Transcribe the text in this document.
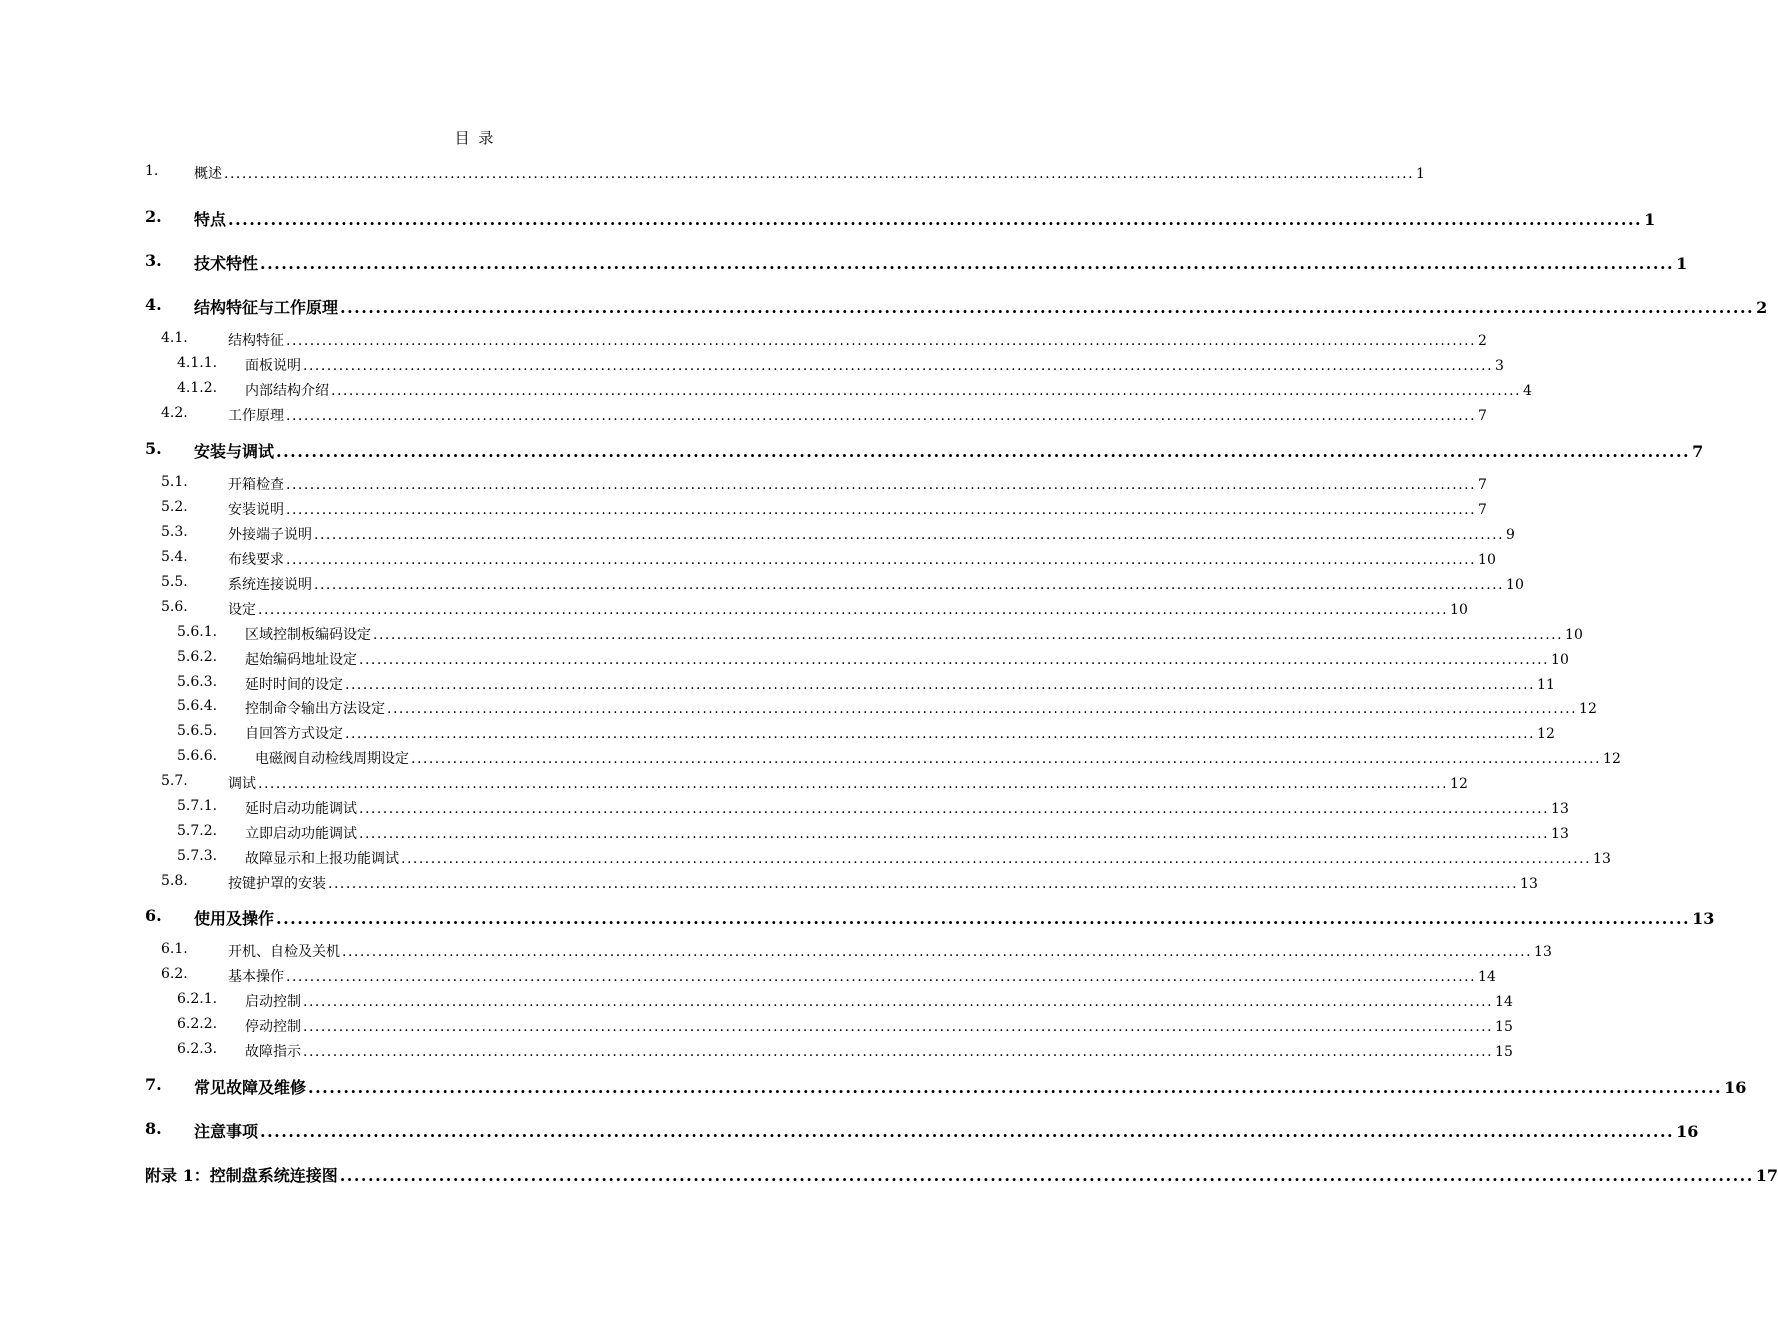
目 录
1.	概述 ........................................................................................................................................................................................................ 1
2. 特点 ........................................................................................................................................................................................................ 1
3. 技术特性 ........................................................................................................................................................................................................ 1
4. 结构特征与工作原理 ........................................................................................................................................................................................................ 2
4.1.	结构特征 ........................................................................................................................................................................................................ 2
4.1.1. 面板说明 ........................................................................................................................................................................................................ 3
4.1.2. 内部结构介绍 ........................................................................................................................................................................................................ 4
4.2.	工作原理 ........................................................................................................................................................................................................ 7
5. 安装与调试 ........................................................................................................................................................................................................ 7
5.1.	开箱检查 ........................................................................................................................................................................................................ 7
5.2.	安装说明 ........................................................................................................................................................................................................ 7
5.3.	外接端子说明 ........................................................................................................................................................................................................ 9
5.4.	布线要求 ........................................................................................................................................................................................................ 10
5.5.	系统连接说明 ........................................................................................................................................................................................................ 10
5.6.	设定 ........................................................................................................................................................................................................ 10
5.6.1. 区域控制板编码设定 ........................................................................................................................................................................................................ 10
5.6.2. 起始编码地址设定 ........................................................................................................................................................................................................ 10
5.6.3. 延时时间的设定 ........................................................................................................................................................................................................ 11
5.6.4. 控制命令输出方法设定 ........................................................................................................................................................................................................ 12
5.6.5. 自回答方式设定 ........................................................................................................................................................................................................ 12
5.6.6.	电磁阀自动检线周期设定 ........................................................................................................................................................................................................ 12
5.7.	调试 ........................................................................................................................................................................................................ 12
5.7.1. 延时启动功能调试 ........................................................................................................................................................................................................ 13
5.7.2. 立即启动功能调试 ........................................................................................................................................................................................................ 13
5.7.3. 故障显示和上报功能调试 ........................................................................................................................................................................................................ 13
5.8.	按键护罩的安装 ........................................................................................................................................................................................................ 13
6. 使用及操作 ........................................................................................................................................................................................................ 13
6.1.	开机、自检及关机 ........................................................................................................................................................................................................ 13
6.2.	基本操作 ........................................................................................................................................................................................................ 14
6.2.1. 启动控制 ........................................................................................................................................................................................................ 14
6.2.2. 停动控制 ........................................................................................................................................................................................................ 15
6.2.3. 故障指示 ........................................................................................................................................................................................................ 15
7. 常见故障及维修 ........................................................................................................................................................................................................ 16
8. 注意事项 ........................................................................................................................................................................................................ 16
附录 1：控制盘系统连接图 ........................................................................................................................................................................................................ 17
